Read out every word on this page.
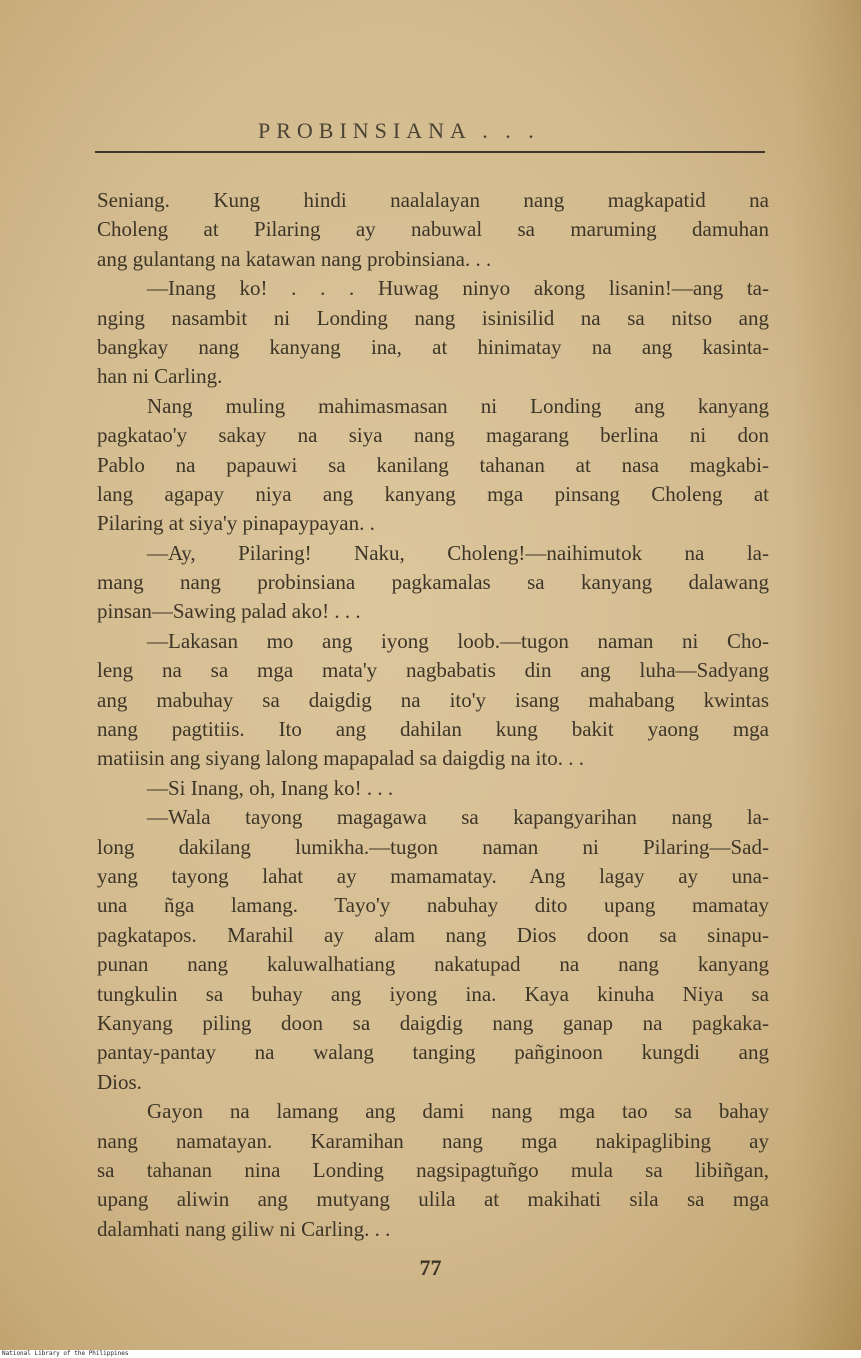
PROBINSIANA . . .
Seniang. Kung hindi naalalayan nang magkapatid na
Choleng at Pilaring ay nabuwal sa maruming damuhan
ang gulantang na katawan nang probinsiana. . .
—Inang ko! . . . Huwag ninyo akong lisanin!—ang ta-
nging nasambit ni Londing nang isinisilid na sa nitso ang
bangkay nang kanyang ina, at hinimatay na ang kasinta-
han ni Carling.
Nang muling mahimasmasan ni Londing ang kanyang
pagkatao'y sakay na siya nang magarang berlina ni don
Pablo na papauwi sa kanilang tahanan at nasa magkabi-
lang agapay niya ang kanyang mga pinsang Choleng at
Pilaring at siya'y pinapaypayan. .
—Ay, Pilaring! Naku, Choleng!—naihimutok na la-
mang nang probinsiana pagkamalas sa kanyang dalawang
pinsan—Sawing palad ako! . . .
—Lakasan mo ang iyong loob.—tugon naman ni Cho-
leng na sa mga mata'y nagbabatis din ang luha—Sadyang
ang mabuhay sa daigdig na ito'y isang mahabang kwintas
nang pagtitiis. Ito ang dahilan kung bakit yaong mga
matiisin ang siyang lalong mapapalad sa daigdig na ito. . .
—Si Inang, oh, Inang ko! . . .
—Wala tayong magagawa sa kapangyarihan nang la-
long dakilang lumikha.—tugon naman ni Pilaring—Sad-
yang tayong lahat ay mamamatay. Ang lagay ay una-
una ñga lamang. Tayo'y nabuhay dito upang mamatay
pagkatapos. Marahil ay alam nang Dios doon sa sinapu-
punan nang kaluwalhatiang nakatupad na nang kanyang
tungkulin sa buhay ang iyong ina. Kaya kinuha Niya sa
Kanyang piling doon sa daigdig nang ganap na pagkaka-
pantay-pantay na walang tanging pañginoon kungdi ang
Dios.
Gayon na lamang ang dami nang mga tao sa bahay
nang namatayan. Karamihan nang mga nakipaglibing ay
sa tahanan nina Londing nagsipagtuñgo mula sa libiñgan,
upang aliwin ang mutyang ulila at makihati sila sa mga
dalamhati nang giliw ni Carling. . .
77
National Library of the Philippines
